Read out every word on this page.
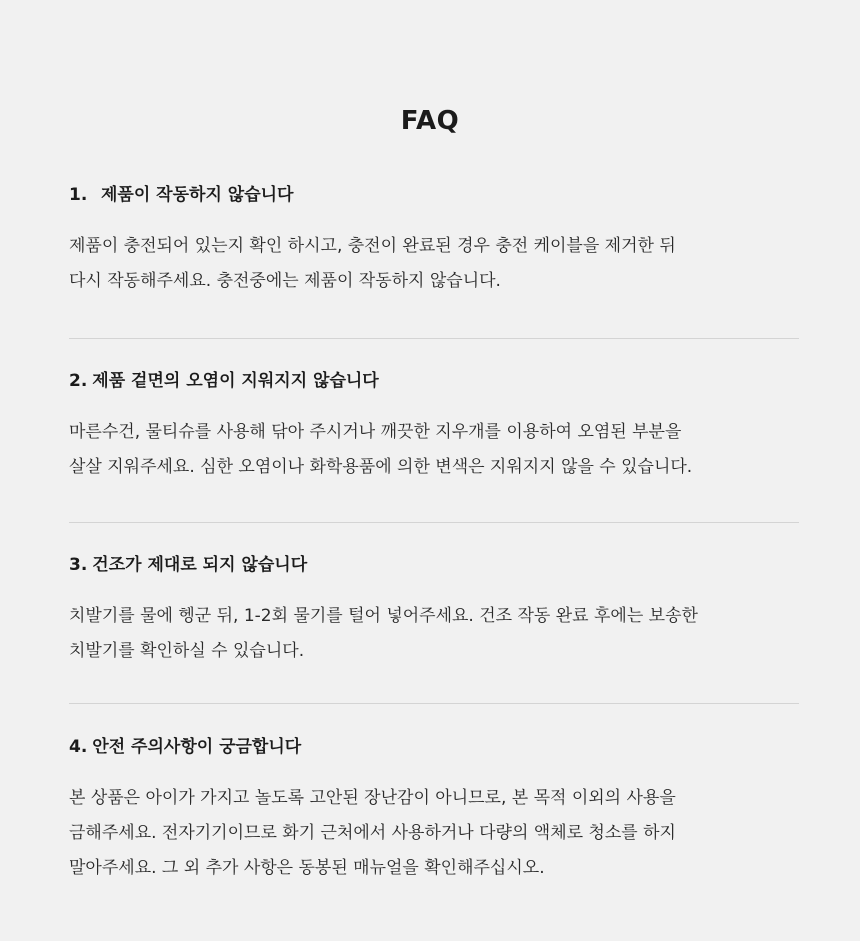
FAQ
1. 제품이 작동하지 않습니다
제품이 충전되어 있는지 확인 하시고, 충전이 완료된 경우 충전 케이블을 제거한 뒤
다시 작동해주세요. 충전중에는 제품이 작동하지 않습니다.
2. 제품 겉면의 오염이 지워지지 않습니다
마른수건, 물티슈를 사용해 닦아 주시거나 깨끗한 지우개를 이용하여 오염된 부분을
살살 지워주세요. 심한 오염이나 화학용품에 의한 변색은 지워지지 않을 수 있습니다.
3. 건조가 제대로 되지 않습니다
치발기를 물에 헹군 뒤, 1-2회 물기를 털어 넣어주세요. 건조 작동 완료 후에는 보송한
치발기를 확인하실 수 있습니다.
4. 안전 주의사항이 궁금합니다
본 상품은 아이가 가지고 놀도록 고안된 장난감이 아니므로, 본 목적 이외의 사용을
금해주세요. 전자기기이므로 화기 근처에서 사용하거나 다량의 액체로 청소를 하지
말아주세요. 그 외 추가 사항은 동봉된 매뉴얼을 확인해주십시오.
